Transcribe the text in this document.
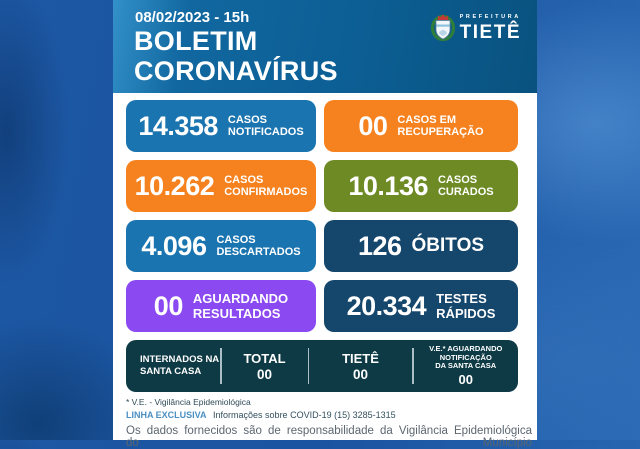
08/02/2023 - 15h
BOLETIM
CORONAVÍRUS
PREFEITURA
TIETÊ
14.358 CASOS
NOTIFICADOS 00 CASOS EM
RECUPERAÇÃO
10.262 CASOS
CONFIRMADOS 10.136 CASOS
CURADOS
4.096 CASOS
DESCARTADOS 126 ÓBITOS
00 AGUARDANDO
RESULTADOS 20.334 TESTES
RÁPIDOS
INTERNADOS NA
SANTA CASA
TOTAL
00
TIETÊ
00
V.E.* AGUARDANDO
NOTIFICAÇÃO
DA SANTA CASA
00
* V.E. - Vigilância Epidemiológica
LINHA EXCLUSIVA Informações sobre COVID-19 (15) 3285-1315
Os dados fornecidos são de responsabilidade da Vigilância Epidemiológica do Município
